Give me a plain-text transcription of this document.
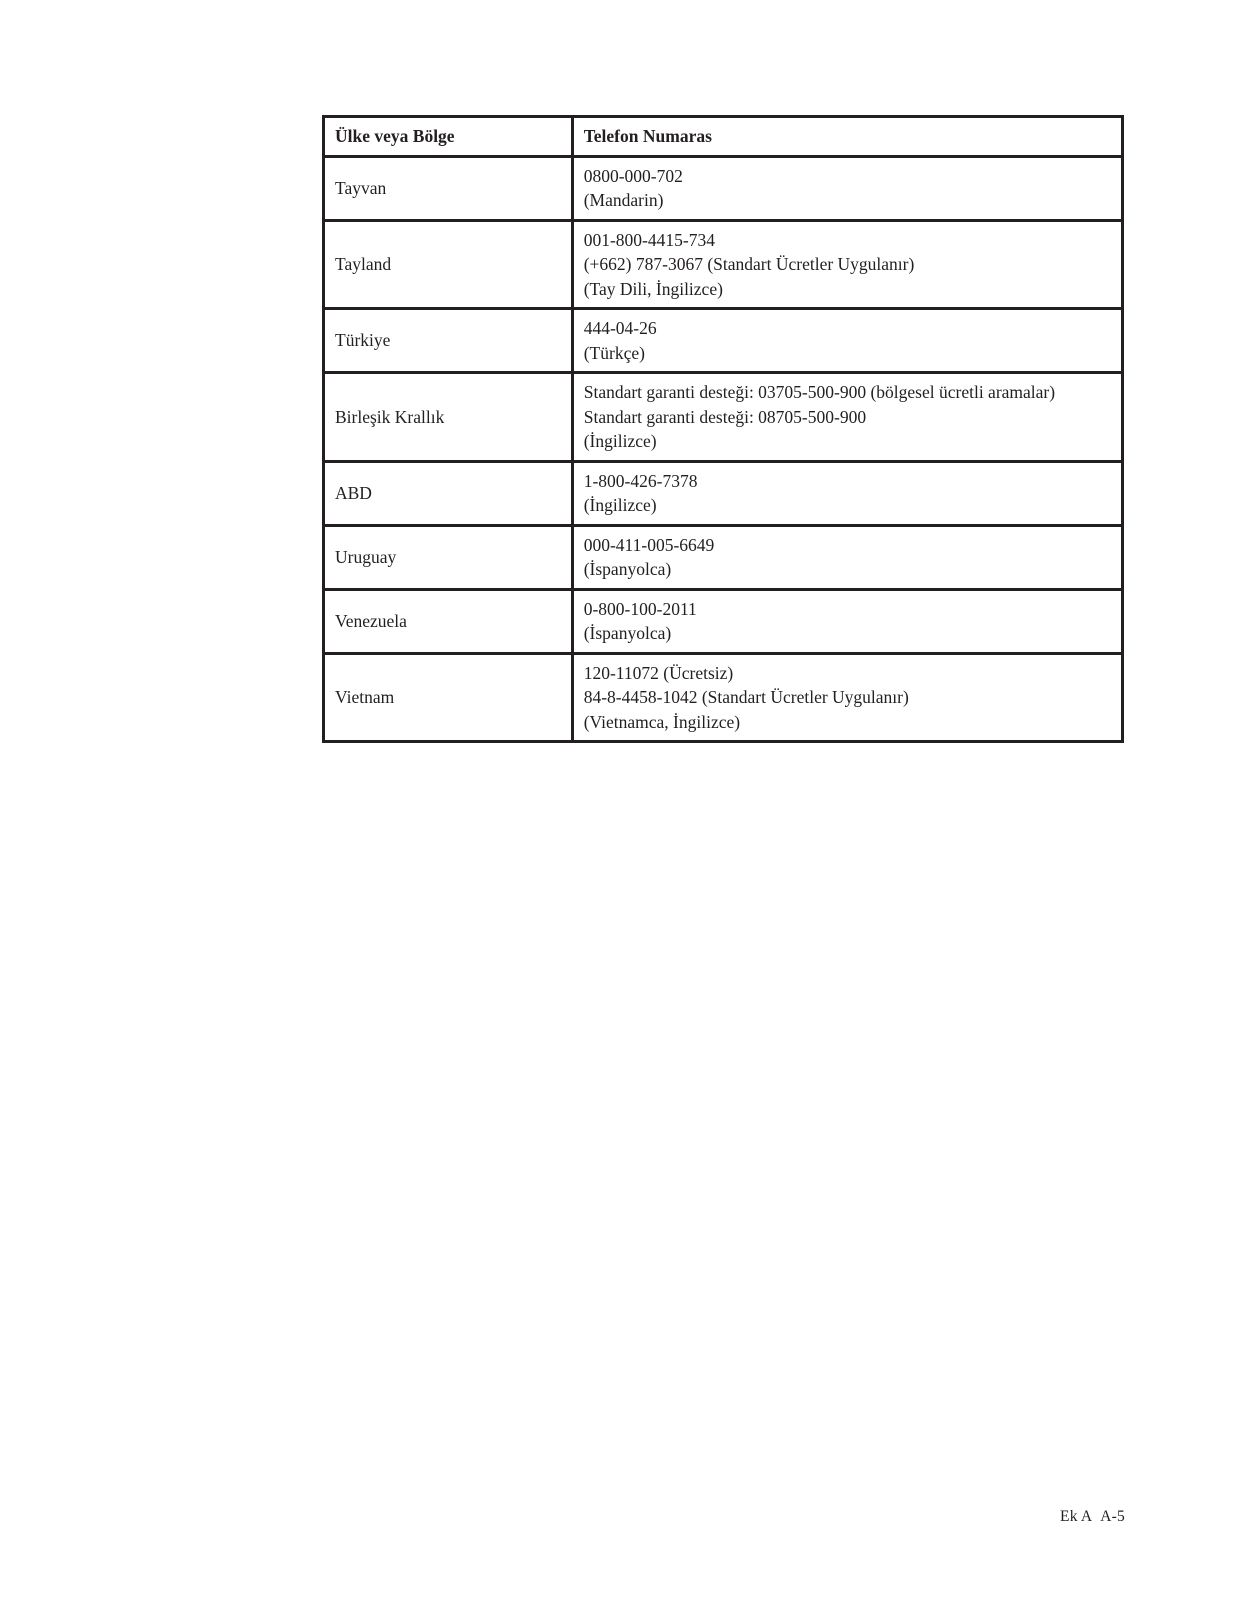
Ülke veya Bölge	Telefon Numaras
Tayvan	0800-000-702
(Mandarin)

Tayland	001-800-4415-734
(+662) 787-3067 (Standart Ücretler Uygulanır)
(Tay Dili, İngilizce)

Türkiye	444-04-26
(Türkçe)

Birleşik Krallık	Standart garanti desteği: 03705-500-900 (bölgesel ücretli aramalar)
Standart garanti desteği: 08705-500-900
(İngilizce)

ABD	1-800-426-7378
(İngilizce)

Uruguay	000-411-005-6649
(İspanyolca)

Venezuela	0-800-100-2011
(İspanyolca)

Vietnam	120-11072 (Ücretsiz)
84-8-4458-1042 (Standart Ücretler Uygulanır)
(Vietnamca, İngilizce)
Ek A A-5
